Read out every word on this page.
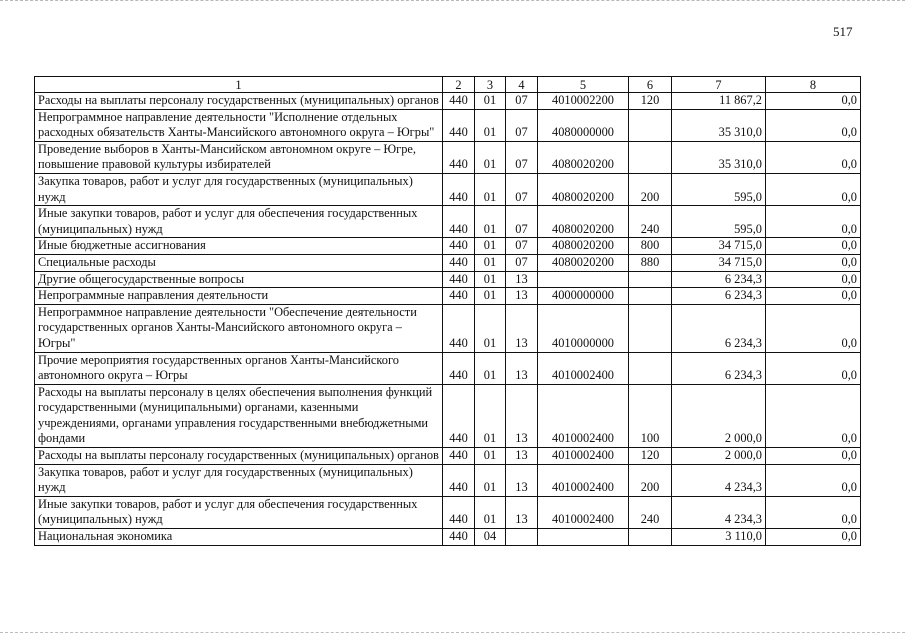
517
1	2	3	4	5	6	7	8
Расходы на выплаты персоналу государственных (муниципальных) органов	440	01	07	4010002200	120	11 867,2	0,0
Непрограммное направление деятельности "Исполнение отдельных расходных обязательств Ханты-Мансийского автономного округа – Югры"	440	01	07	4080000000		35 310,0	0,0
Проведение выборов в Ханты-Мансийском автономном округе – Югре, повышение правовой культуры избирателей	440	01	07	4080020200		35 310,0	0,0
Закупка товаров, работ и услуг для государственных (муниципальных) нужд	440	01	07	4080020200	200	595,0	0,0
Иные закупки товаров, работ и услуг для обеспечения государственных (муниципальных) нужд	440	01	07	4080020200	240	595,0	0,0
Иные бюджетные ассигнования	440	01	07	4080020200	800	34 715,0	0,0
Специальные расходы	440	01	07	4080020200	880	34 715,0	0,0
Другие общегосударственные вопросы	440	01	13			6 234,3	0,0
Непрограммные направления деятельности	440	01	13	4000000000		6 234,3	0,0
Непрограммное направление деятельности "Обеспечение деятельности государственных органов Ханты-Мансийского автономного округа – Югры"	440	01	13	4010000000		6 234,3	0,0
Прочие мероприятия государственных органов Ханты-Мансийского автономного округа – Югры	440	01	13	4010002400		6 234,3	0,0
Расходы на выплаты персоналу в целях обеспечения выполнения функций государственными (муниципальными) органами, казенными учреждениями, органами управления государственными внебюджетными фондами	440	01	13	4010002400	100	2 000,0	0,0
Расходы на выплаты персоналу государственных (муниципальных) органов	440	01	13	4010002400	120	2 000,0	0,0
Закупка товаров, работ и услуг для государственных (муниципальных) нужд	440	01	13	4010002400	200	4 234,3	0,0
Иные закупки товаров, работ и услуг для обеспечения государственных (муниципальных) нужд	440	01	13	4010002400	240	4 234,3	0,0
Национальная экономика	440	04				3 110,0	0,0
